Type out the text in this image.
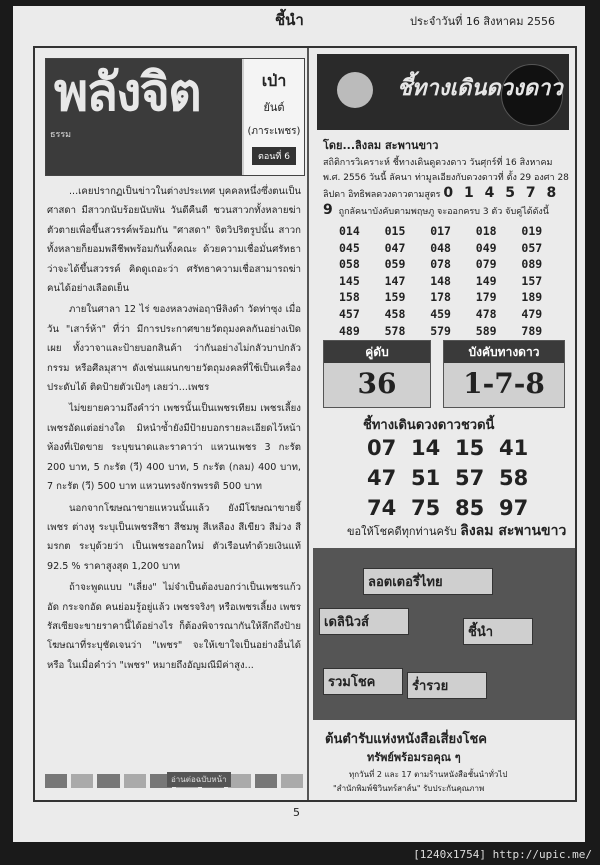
ชี้นำ	ประจำวันที่ 16 สิงหาคม 2556
พลังจิต
ธรรม
เป่า
ยันต์
(ภาระเพชร)
ตอนที่ 6

...เคยปรากฏเป็นข่าวในต่างประเทศ บุคคลหนึ่งซึ่งตนเป็นศาสดา มีสาวกนับร้อยนับพัน วันดีคืนดี ชวนสาวกทั้งหลายฆ่าตัวตายเพื่อขึ้นสวรรค์พร้อมกัน "ศาสดา" จิตวิปริตรูปนั้น สาวกทั้งหลายก็ยอมพลีชีพพร้อมกันทั้งคณะ ด้วยความเชื่อมั่นศรัทธาว่าจะได้ขึ้นสวรรค์ คิดดูเถอะว่า ศรัทธาความเชื่อสามารถฆ่าคนได้อย่างเลือดเย็น

ภายในศาลา 12 ไร่ ของหลวงพ่อฤาษีลิงดำ วัดท่าซุง เมื่อวัน "เสาร์ห้า" ที่ว่า มีการประกาศขายวัตถุมงคลกันอย่างเปิดเผย ทั้งวาจาและป้ายบอกสินค้า ว่ากันอย่างไม่กลัวบาปกลัวกรรม หรือศีลมุสาฯ ดังเช่นแผนกขายวัตถุมงคลที่ใช้เป็นเครื่องประดับได้ ติดป้ายตัวเป้งๆ เลยว่า...เพชร

ไม่ขยายความถึงคำว่า เพชรนั้นเป็นเพชรเทียม เพชรเลี้ยง เพชรอัดแต่อย่างใด มิหนำซ้ำยังมีป้ายบอกรายละเอียดไว้หน้าห้องที่เปิดขาย ระบุขนาดและราคาว่า แหวนเพชร 3 กะรัต 200 บาท, 5 กะรัต (วี) 400 บาท, 5 กะรัต (กลม) 400 บาท, 7 กะรัต (วี) 500 บาท แหวนทรงจักรพรรดิ 500 บาท

นอกจากโฆษณาขายแหวนนั้นแล้ว ยังมีโฆษณาขายจี้เพชร ต่างหู ระบุเป็นเพชรสีชา สีชมพู สีเหลือง สีเขียว สีม่วง สีมรกต ระบุด้วยว่า เป็นเพชรออกใหม่ ตัวเรือนทำด้วยเงินแท้ 92.5 % ราคาสูงสุด 1,200 บาท

ถ้าจะพูดแบบ "เลี่ยง" ไม่จำเป็นต้องบอกว่าเป็นเพชรแก้วอัด กระจกอัด คนย่อมรู้อยู่แล้ว เพชรจริงๆ หรือเพชรเลี้ยง เพชรรัสเซียจะขายราคานี้ได้อย่างไร ก็ต้องพิจารณากันให้ลึกถึงป้ายโฆษณาที่ระบุชัดเจนว่า "เพชร" จะให้เขาใจเป็นอย่างอื่นได้หรือ ในเมื่อคำว่า "เพชร" หมายถึงอัญมณีมีค่าสูง...

อ่านต่อฉบับหน้า
ชี้ทางเดินดวงดาว
โดย...ลิงลม สะพานขาว
สถิติการวิเคราะห์ ชี้ทางเดินดูดวงดาว วันศุกร์ที่ 16 สิงหาคม พ.ศ. 2556 วันนี้ ลัคนา ท่ามูลเอียงกับดวงดาวที่ ตั้ง 29 องศา 28 ลิปดา อิทธิพลดวงดาวตามสูตร 0 1 4 5 7 8 9 ถูกลัคนาบังคับตามพฤษภู จะออกครบ 3 ตัว จับคู่ได้ดังนี้
014	015	017	018	019
045	047	048	049	057
058	059	078	079	089
145	147	148	149	157
158	159	178	179	189
457	458	459	478	479
489	578	579	589	789
คู่ดับ
36
บังคับทางดาว
1-7-8
ชี้ทางเดินดวงดาวชวดนี้
07 14 15 41
47 51 57 58
74 75 85 97
ขอให้โชคดีทุกท่านครับ ลิงลม สะพานขาว
ลอตเตอรี่ไทย
เดลินิวส์
ชี้นำ
รวมโชค	ร่ำรวย
ต้นตำรับแห่งหนังสือเสี่ยงโชค
ทรัพย์พร้อมรอคุณ ๆ
ทุกวันที่ 2 และ 17 ตามร้านหนังสือชั้นนำทั่วไป
"สำนักพิมพ์ชิวินทร์สาส์น" รับประกันคุณภาพ
5
[1240x1754] http://upic.me/
